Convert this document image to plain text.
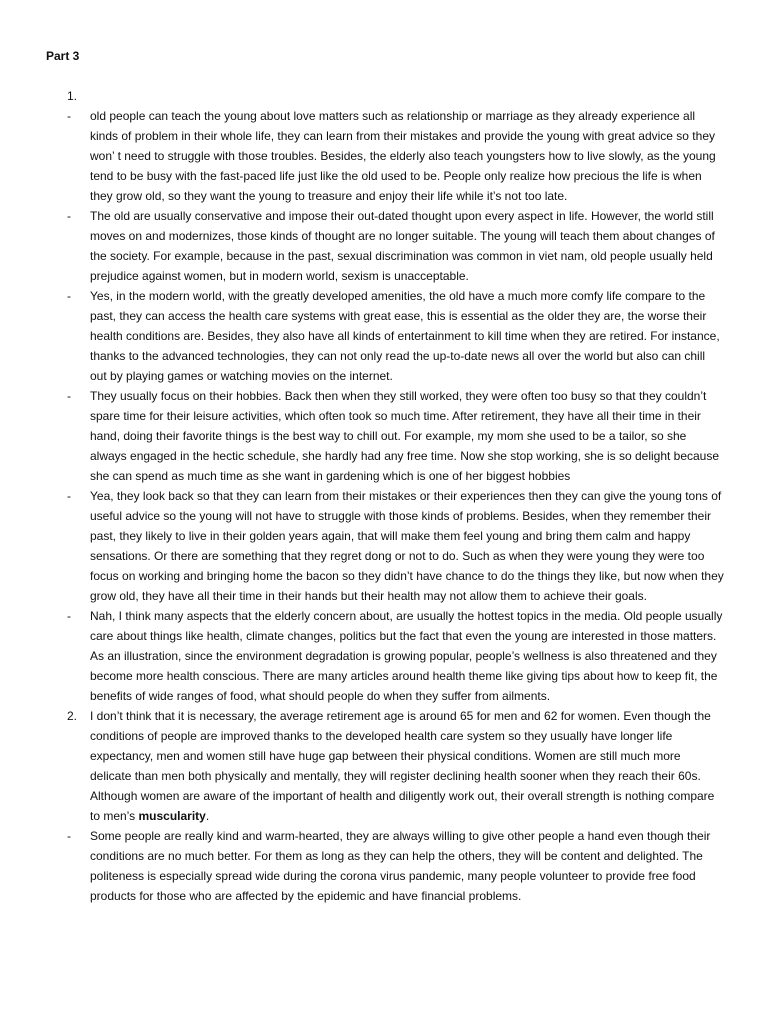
Part 3
1.
-	old people can teach the young about love matters such as relationship or marriage as they already experience all kinds of problem in their whole life, they can learn from their mistakes and provide the young with great advice so they won’ t need to struggle with those troubles. Besides, the elderly also teach youngsters how to live slowly, as the young tend to be busy with the fast-paced life just like the old used to be. People only realize how precious the life is when they grow old, so they want the young to treasure and enjoy their life while it’s not too late.
-	The old are usually conservative and impose their out-dated thought upon every aspect in life. However, the world still moves on and modernizes, those kinds of thought are no longer suitable. The young will teach them about changes of the society. For example, because in the past, sexual discrimination was common in viet nam, old people usually held prejudice against women, but in modern world, sexism is unacceptable.
-	Yes, in the modern world, with the greatly developed amenities, the old have a much more comfy life compare to the past, they can access the health care systems with great ease, this is essential as the older they are, the worse their health conditions are. Besides, they also have all kinds of entertainment to kill time when they are retired. For instance, thanks to the advanced technologies, they can not only read the up-to-date news all over the world but also can chill out by playing games or watching movies on the internet.
-	They usually focus on their hobbies. Back then when they still worked, they were often too busy so that they couldn’t spare time for their leisure activities, which often took so much time. After retirement, they have all their time in their hand, doing their favorite things is the best way to chill out. For example, my mom she used to be a tailor, so she always engaged in the hectic schedule, she hardly had any free time. Now she stop working, she is so delight because she can spend as much time as she want in gardening which is one of her biggest hobbies
-	Yea, they look back so that they can learn from their mistakes or their experiences then they can give the young tons of useful advice so the young will not have to struggle with those kinds of problems. Besides, when they remember their past, they likely to live in their golden years again, that will make them feel young and bring them calm and happy sensations. Or there are something that they regret dong or not to do. Such as when they were young they were too focus on working and bringing home the bacon so they didn’t have chance to do the things they like, but now when they grow old, they have all their time in their hands but their health may not allow them to achieve their goals.
-	Nah, I think many aspects that the elderly concern about, are usually the hottest topics in the media. Old people usually care about things like health, climate changes, politics but the fact that even the young are interested in those matters. As an illustration, since the environment degradation is growing popular, people’s wellness is also threatened and they become more health conscious. There are many articles around health theme like giving tips about how to keep fit, the benefits of wide ranges of food, what should people do when they suffer from ailments.
2.	I don’t think that it is necessary, the average retirement age is around 65 for men and 62 for women. Even though the conditions of people are improved thanks to the developed health care system so they usually have longer life expectancy, men and women still have huge gap between their physical conditions. Women are still much more delicate than men both physically and mentally, they will register declining health sooner when they reach their 60s. Although women are aware of the important of health and diligently work out, their overall strength is nothing compare to men’s muscularity.
-	Some people are really kind and warm-hearted, they are always willing to give other people a hand even though their conditions are no much better. For them as long as they can help the others, they will be content and delighted. The politeness is especially spread wide during the corona virus pandemic, many people volunteer to provide free food products for those who are affected by the epidemic and have financial problems.
